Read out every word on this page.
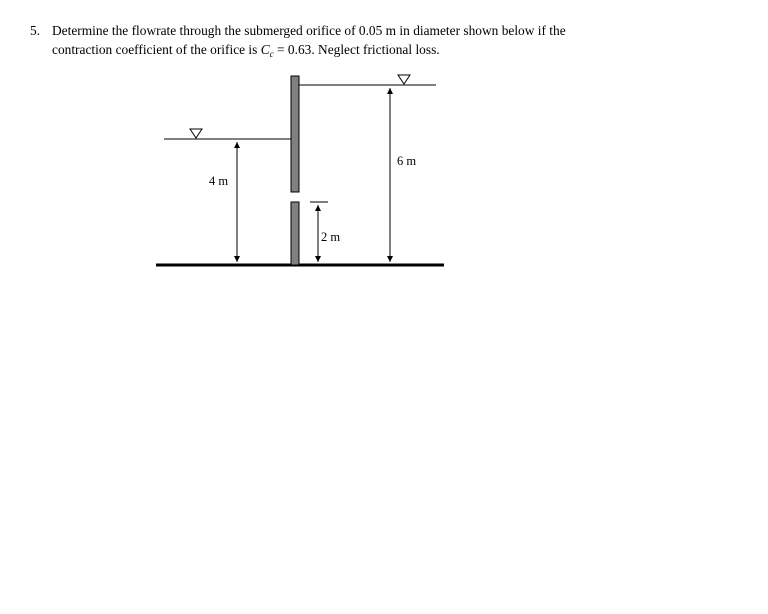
5. Determine the flowrate through the submerged orifice of 0.05 m in diameter shown below if the
contraction coefficient of the orifice is $C_c = 0.63$. Neglect frictional loss.
4 m
6 m
2 m
